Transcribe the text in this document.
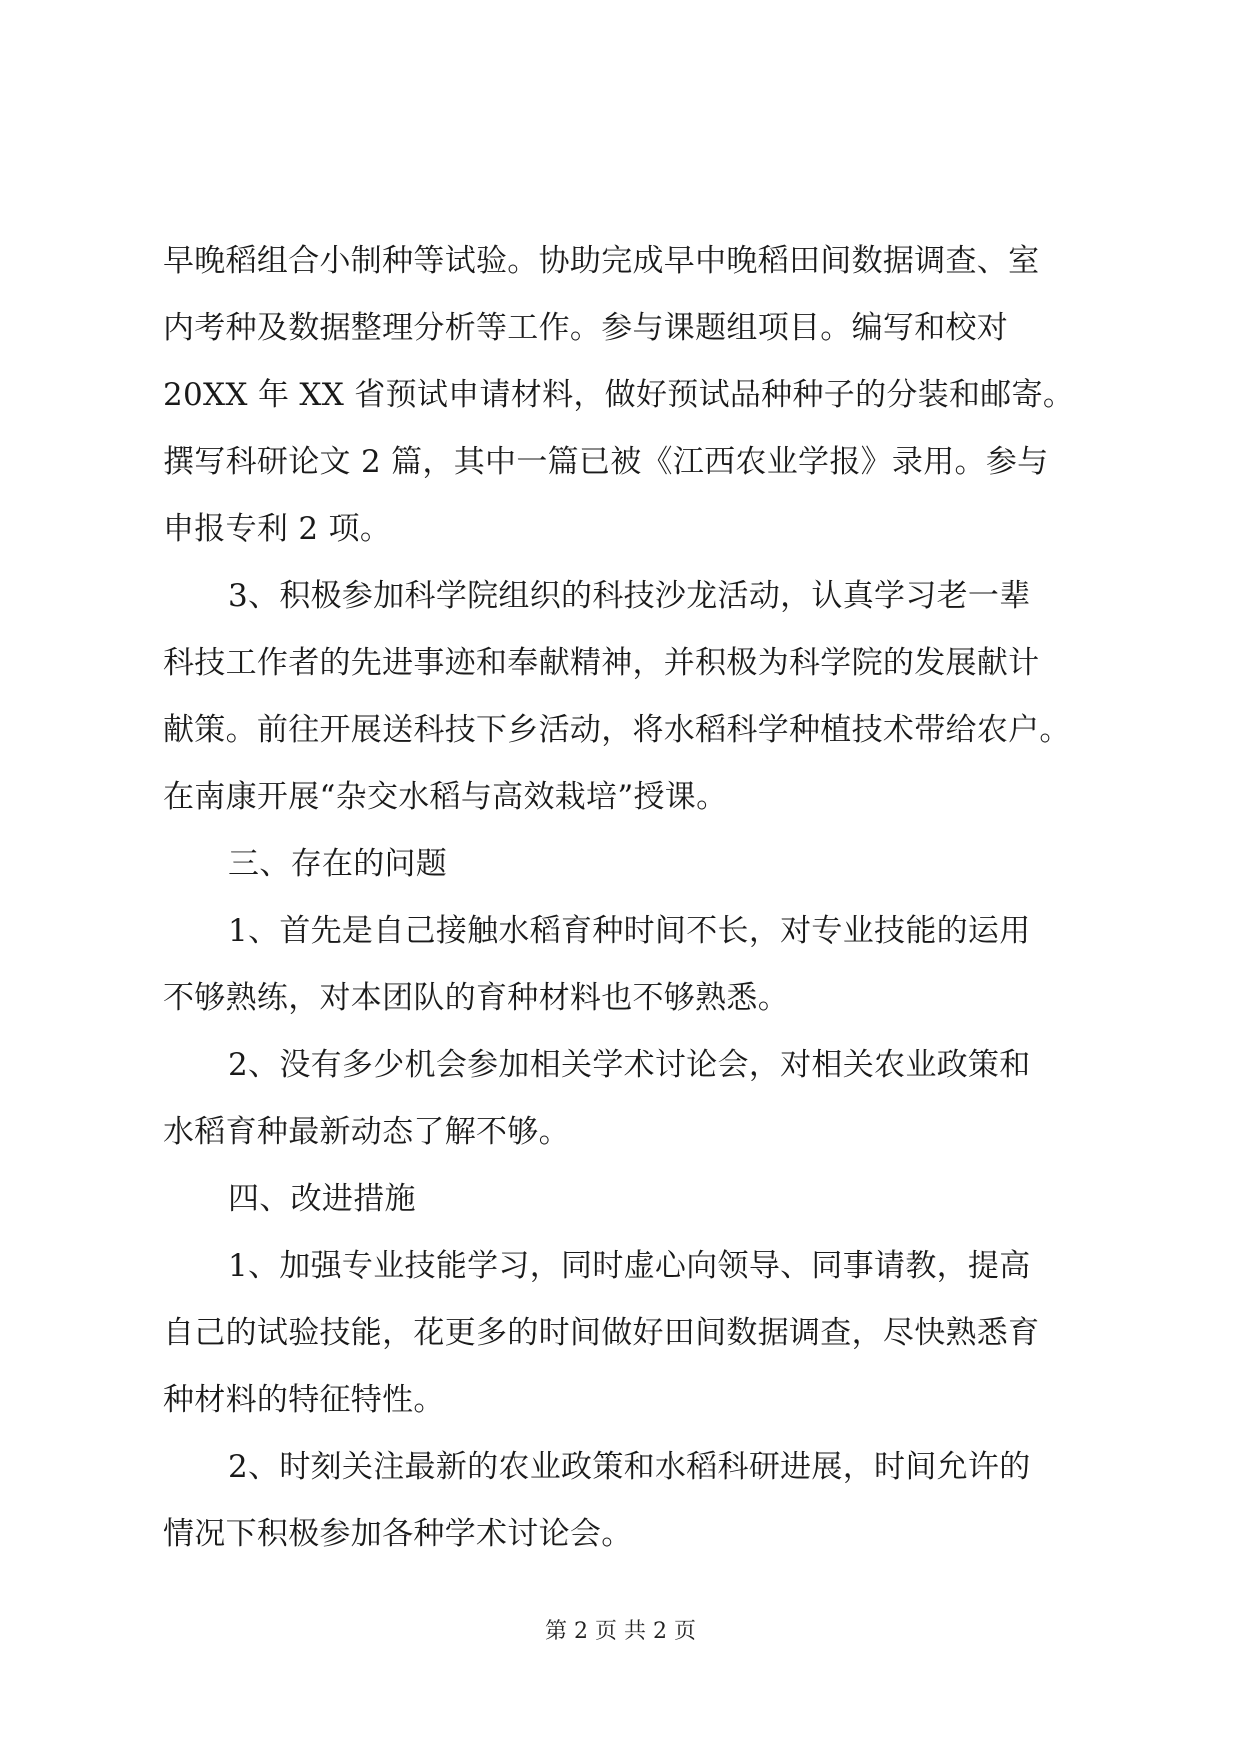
早晚稻组合小制种等试验。协助完成早中晚稻田间数据调查、室
内考种及数据整理分析等工作。参与课题组项目。编写和校对
20XX 年 XX 省预试申请材料，做好预试品种种子的分装和邮寄。
撰写科研论文 2 篇，其中一篇已被《江西农业学报》录用。参与
申报专利 2 项。
3、积极参加科学院组织的科技沙龙活动，认真学习老一辈
科技工作者的先进事迹和奉献精神，并积极为科学院的发展献计
献策。前往开展送科技下乡活动，将水稻科学种植技术带给农户。
在南康开展“杂交水稻与高效栽培”授课。
三、存在的问题
1、首先是自己接触水稻育种时间不长，对专业技能的运用
不够熟练，对本团队的育种材料也不够熟悉。
2、没有多少机会参加相关学术讨论会，对相关农业政策和
水稻育种最新动态了解不够。
四、改进措施
1、加强专业技能学习，同时虚心向领导、同事请教，提高
自己的试验技能，花更多的时间做好田间数据调查，尽快熟悉育
种材料的特征特性。
2、时刻关注最新的农业政策和水稻科研进展，时间允许的
情况下积极参加各种学术讨论会。
第 2 页 共 2 页
